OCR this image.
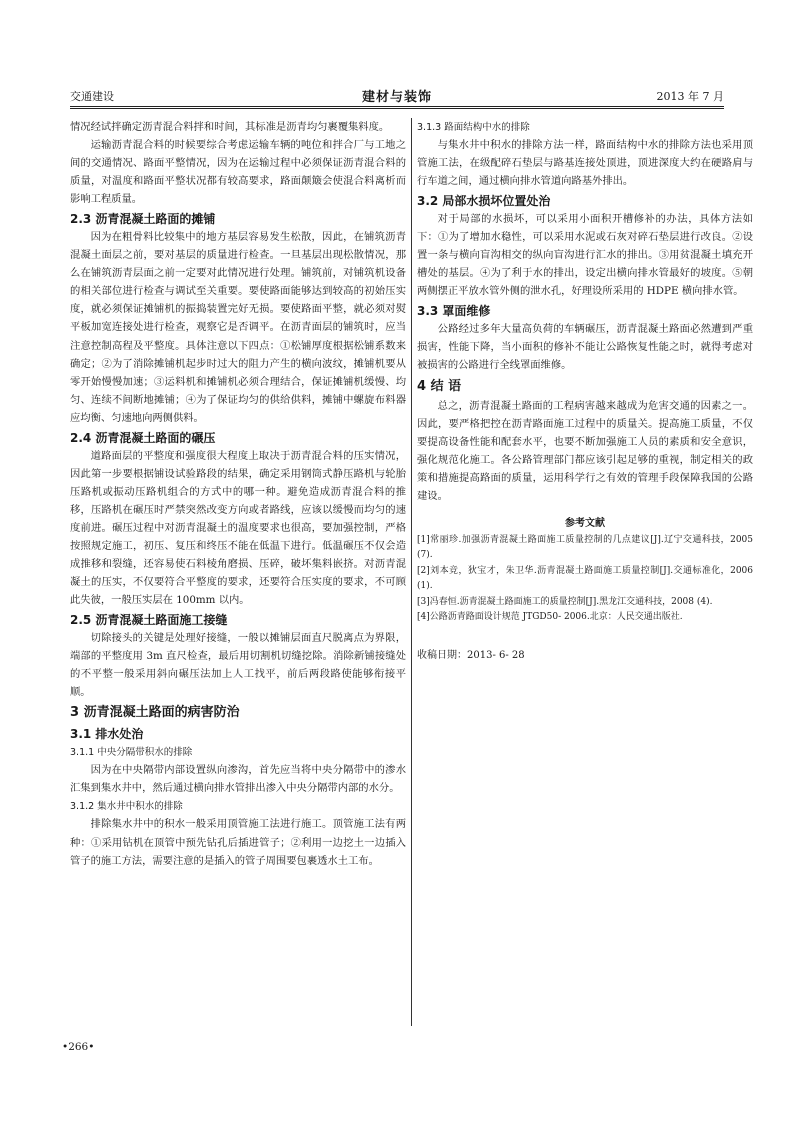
交通建设	建材与装饰	2013 年 7 月

情况经试拌确定沥青混合料拌和时间，其标准是沥青均匀裹覆集料度。

运输沥青混合料的时候要综合考虑运输车辆的吨位和拌合厂与工地之间的交通情况、路面平整情况，因为在运输过程中必须保证沥青混合料的质量，对温度和路面平整状况都有较高要求，路面颠簸会使混合料离析而影响工程质量。

2.3 沥青混凝土路面的摊铺

因为在粗骨料比较集中的地方基层容易发生松散，因此，在铺筑沥青混凝土面层之前，要对基层的质量进行检查。一旦基层出现松散情况，那么在铺筑沥青层面之前一定要对此情况进行处理。铺筑前，对铺筑机设备的相关部位进行检查与调试至关重要。要使路面能够达到较高的初始压实度，就必须保证摊铺机的振捣装置完好无损。要使路面平整，就必须对熨平板加宽连接处进行检查，观察它是否调平。在沥青面层的铺筑时，应当注意控制高程及平整度。具体注意以下四点：①松铺厚度根据松铺系数来确定；②为了消除摊铺机起步时过大的阻力产生的横向波纹，摊铺机要从零开始慢慢加速；③运料机和摊铺机必须合理结合，保证摊铺机缓慢、均匀、连续不间断地摊铺；④为了保证均匀的供给供料，摊铺中螺旋布料器应均衡、匀速地向两侧供料。

2.4 沥青混凝土路面的碾压

道路面层的平整度和强度很大程度上取决于沥青混合料的压实情况，因此第一步要根据铺设试验路段的结果，确定采用钢筒式静压路机与轮胎压路机或振动压路机组合的方式中的哪一种。避免造成沥青混合料的推移，压路机在碾压时严禁突然改变方向或者路线，应该以缓慢而均匀的速度前进。碾压过程中对沥青混凝土的温度要求也很高，要加强控制，严格按照规定施工，初压、复压和终压不能在低温下进行。低温碾压不仅会造成推移和裂缝，还容易使石料棱角磨损、压碎，破坏集料嵌挤。对沥青混凝土的压实，不仅要符合平整度的要求，还要符合压实度的要求，不可顾此失彼，一般压实层在 100mm 以内。

2.5 沥青混凝土路面施工接缝

切除接头的关键是处理好接缝，一般以摊铺层面直尺脱离点为界限，端部的平整度用 3m 直尺检查，最后用切割机切缝挖除。消除新铺接缝处的不平整一般采用斜向碾压法加上人工找平，前后两段路使能够衔接平顺。

3 沥青混凝土路面的病害防治
3.1 排水处治
3.1.1 中央分隔带积水的排除

因为在中央隔带内部设置纵向渗沟，首先应当将中央分隔带中的渗水汇集到集水井中，然后通过横向排水管排出渗入中央分隔带内部的水分。

3.1.2 集水井中积水的排除

排除集水井中的积水一般采用顶管施工法进行施工。顶管施工法有两种：①采用钻机在顶管中预先钻孔后插进管子；②利用一边挖土一边插入管子的施工方法，需要注意的是插入的管子周围要包裹透水土工布。

3.1.3 路面结构中水的排除

与集水井中积水的排除方法一样，路面结构中水的排除方法也采用顶管施工法，在级配碎石垫层与路基连接处顶进，顶进深度大约在硬路肩与行车道之间，通过横向排水管道向路基外排出。

3.2 局部水损坏位置处治

对于局部的水损坏，可以采用小面积开槽修补的办法，具体方法如下：①为了增加水稳性，可以采用水泥或石灰对碎石垫层进行改良。②设置一条与横向盲沟相交的纵向盲沟进行汇水的排出。③用贫混凝土填充开槽处的基层。④为了利于水的排出，设定出横向排水管最好的坡度。⑤朝两侧摆正平放水管外侧的泄水孔，好理设所采用的 HDPE 横向排水管。

3.3 罩面维修

公路经过多年大量高负荷的车辆碾压，沥青混凝土路面必然遭到严重损害，性能下降，当小面积的修补不能让公路恢复性能之时，就得考虑对被损害的公路进行全线罩面维修。

4 结 语

总之，沥青混凝土路面的工程病害越来越成为危害交通的因素之一。因此，要严格把控在沥青路面施工过程中的质量关。提高施工质量，不仅要提高设备性能和配套水平，也要不断加强施工人员的素质和安全意识，强化规范化施工。各公路管理部门都应该引起足够的重视，制定相关的政策和措施提高路面的质量，运用科学行之有效的管理手段保障我国的公路建设。

参考文献

[1]常丽珍.加强沥青混凝土路面施工质量控制的几点建议[J].辽宁交通科技，2005 (7).

[2]刘本竞，狄宝才，朱卫华.沥青混凝土路面施工质量控制[J].交通标准化，2006 (1).

[3]冯春恒.沥青混凝土路面施工的质量控制[J].黑龙江交通科技，2008 (4).

[4]公路沥青路面设计规范 JTGD50- 2006.北京：人民交通出版社.

收稿日期：2013- 6- 28
•266•
